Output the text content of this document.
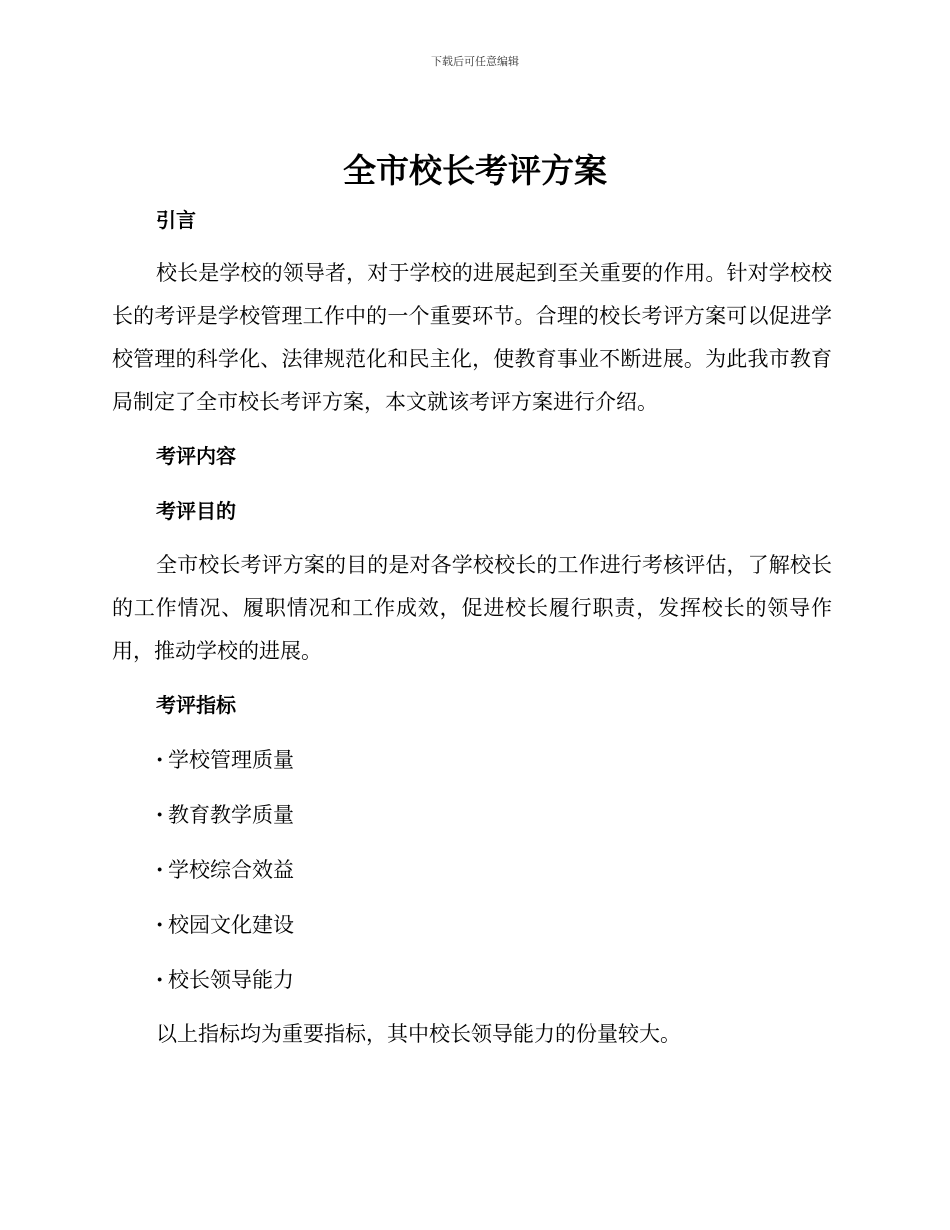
下载后可任意编辑
全市校长考评方案
引言

校长是学校的领导者，对于学校的进展起到至关重要的作用。针对学校校长的考评是学校管理工作中的一个重要环节。合理的校长考评方案可以促进学校管理的科学化、法律规范化和民主化，使教育事业不断进展。为此我市教育局制定了全市校长考评方案，本文就该考评方案进行介绍。

考评内容
考评目的

全市校长考评方案的目的是对各学校校长的工作进行考核评估，了解校长的工作情况、履职情况和工作成效，促进校长履行职责，发挥校长的领导作用，推动学校的进展。

考评指标
· 学校管理质量
· 教育教学质量
· 学校综合效益
· 校园文化建设
· 校长领导能力

以上指标均为重要指标，其中校长领导能力的份量较大。
